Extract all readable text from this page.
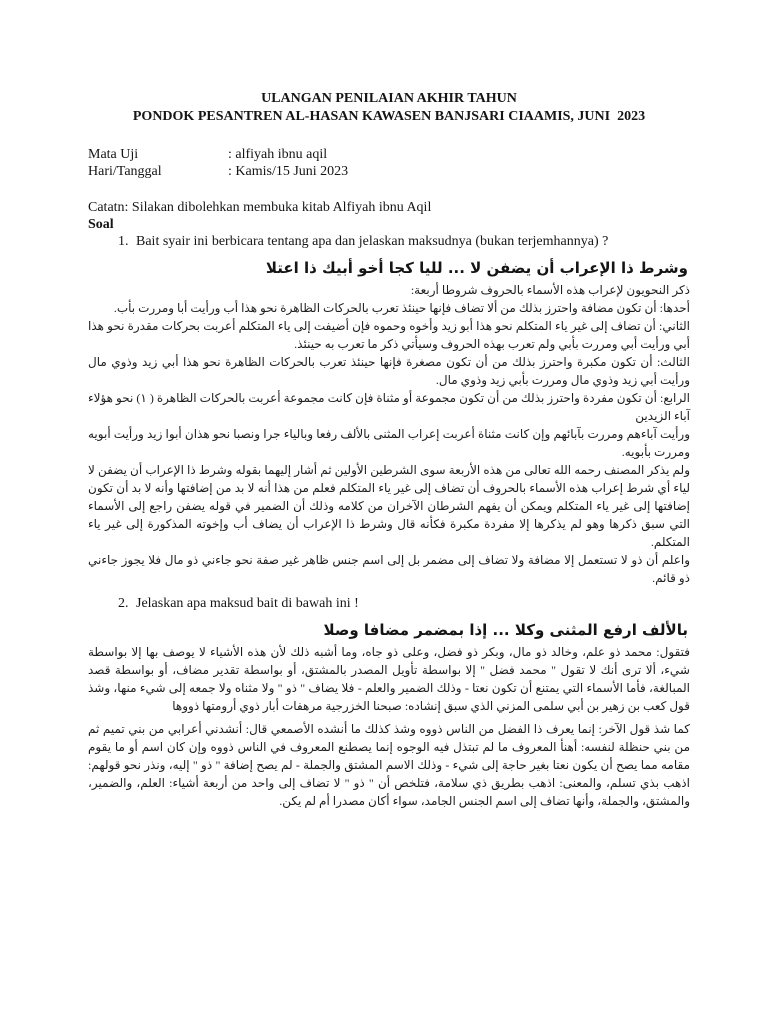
ULANGAN PENILAIAN AKHIR TAHUN
PONDOK PESANTREN AL-HASAN KAWASEN BANJSARI CIAAMIS, JUNI  2023
Mata Uji	: alfiyah ibnu aqil
Hari/Tanggal	: Kamis/15 Juni 2023
Catatn: Silakan dibolehkan membuka kitab Alfiyah ibnu Aqil
Soal
1. Bait syair ini berbicara tentang apa dan jelaskan maksudnya (bukan terjemhannya) ?
وشرط ذا الإعراب أن يضفن لا ... لليا كجا أخو أبيك ذا اعتلا

ذكر النحويون لإعراب هذه الأسماء بالحروف شروطا أربعة:

أحدها: أن تكون مضافة واحترز بذلك من ألا تضاف فإنها حينئذ تعرب بالحركات الظاهرة نحو هذا أب ورأيت أبا ومررت بأب.

الثاني: أن تضاف إلى غير ياء المتكلم نحو هذا أبو زيد وأخوه وحموه فإن أضيفت إلى ياء المتكلم أعربت بحركات مقدرة نحو هذا أبي ورأيت أبي ومررت بأبي ولم تعرب بهذه الحروف وسيأتي ذكر ما تعرب به حينئذ.

الثالث: أن تكون مكبرة واحترز بذلك من أن تكون مصغرة فإنها حينئذ تعرب بالحركات الظاهرة نحو هذا أبي زيد وذوي مال ورأيت أبي زيد وذوي مال ومررت بأبي زيد وذوي مال.

الرابع: أن تكون مفردة واحترز بذلك من أن تكون مجموعة أو مثناة فإن كانت مجموعة أعربت بالحركات الظاهرة ( ١) نحو هؤلاء آباء الزيدين

ورأيت آباءهم ومررت بآبائهم وإن كانت مثناة أعربت إعراب المثنى بالألف رفعا وبالياء جرا ونصبا نحو هذان أبوا زيد ورأيت أبويه ومررت بأبويه.

ولم يذكر المصنف رحمه الله تعالى من هذه الأربعة سوى الشرطين الأولين ثم أشار إليهما بقوله وشرط ذا الإعراب أن يضفن لا لياء أي شرط إعراب هذه الأسماء بالحروف أن تضاف إلى غير ياء المتكلم فعلم من هذا أنه لا بد من إضافتها وأنه لا بد أن تكون إضافتها إلى غير ياء المتكلم ويمكن أن يفهم الشرطان الآخران من كلامه وذلك أن الضمير في قوله يضفن راجع إلى الأسماء التي سبق ذكرها وهو لم يذكرها إلا مفردة مكبرة فكأنه قال وشرط ذا الإعراب أن يضاف أب وإخوته المذكورة إلى غير ياء المتكلم.

واعلم أن ذو لا تستعمل إلا مضافة ولا تضاف إلى مضمر بل إلى اسم جنس ظاهر غير صفة نحو جاءني ذو مال فلا يجوز جاءني ذو قائم.

2. Jelaskan apa maksud bait di bawah ini !
بالألف ارفع المثنى وكلا ... إذا بمضمر مضافا وصلا

فتقول: محمد ذو علم، وخالد ذو مال، وبكر ذو فضل، وعلى ذو جاه، وما أشبه ذلك لأن هذه الأشياء لا يوصف بها إلا بواسطة شيء، ألا ترى أنك لا تقول " محمد فضل " إلا بواسطة تأويل المصدر بالمشتق، أو بواسطة تقدير مضاف، أو بواسطة قصد المبالغة، فأما الأسماء التي يمتنع أن تكون نعتا - وذلك الضمير والعلم - فلا يضاف " ذو " ولا مثناه ولا جمعه إلى شيء منها، وشذ قول كعب بن زهير بن أبي سلمى المزني الذي سبق إنشاده: صبحنا الخزرجية مرهفات أبار ذوي أرومتها ذووها

كما شذ قول الآخر: إنما يعرف ذا الفضل من الناس ذووه وشذ كذلك ما أنشده الأصمعي قال: أنشدني أعرابي من بني تميم ثم من بني حنظلة لنفسه: أهنأ المعروف ما لم تبتذل فيه الوجوه إنما يصطنع المعروف في الناس ذووه وإن كان اسم أو ما يقوم مقامه مما يصح أن يكون نعتا بغير حاجة إلى شيء - وذلك الاسم المشتق والجملة - لم يصح إضافة " ذو " إليه، ونذر نحو قولهم: اذهب بذي تسلم، والمعنى: اذهب بطريق ذي سلامة، فتلخص أن " ذو " لا تضاف إلى واحد من أربعة أشياء: العلم، والضمير، والمشتق، والجملة، وأنها تضاف إلى اسم الجنس الجامد، سواء أكان مصدرا أم لم يكن.
